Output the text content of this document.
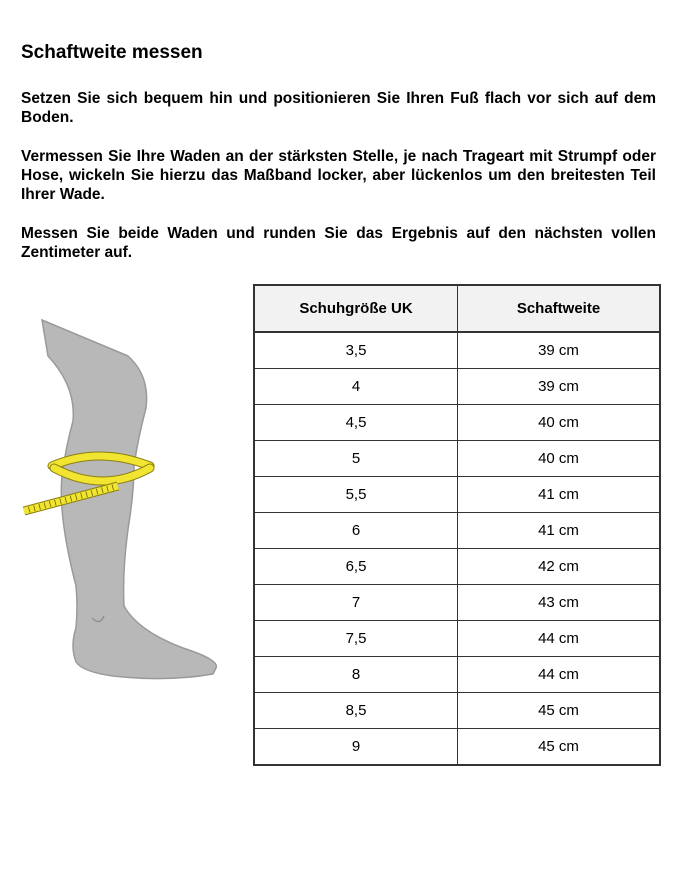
Schaftweite messen

Setzen Sie sich bequem hin und positionieren Sie Ihren Fuß flach vor sich auf dem Boden.

Vermessen Sie Ihre Waden an der stärksten Stelle, je nach Trageart mit Strumpf oder Hose, wickeln Sie hierzu das Maßband locker, aber lückenlos um den breitesten Teil Ihrer Wade.

Messen Sie beide Waden und runden Sie das Ergebnis auf den nächsten vollen Zentimeter auf.

Schuhgröße UK	Schaftweite
3,5	39 cm
4	39 cm
4,5	40 cm
5	40 cm
5,5	41 cm
6	41 cm
6,5	42 cm
7	43 cm
7,5	44 cm
8	44 cm
8,5	45 cm
9	45 cm
